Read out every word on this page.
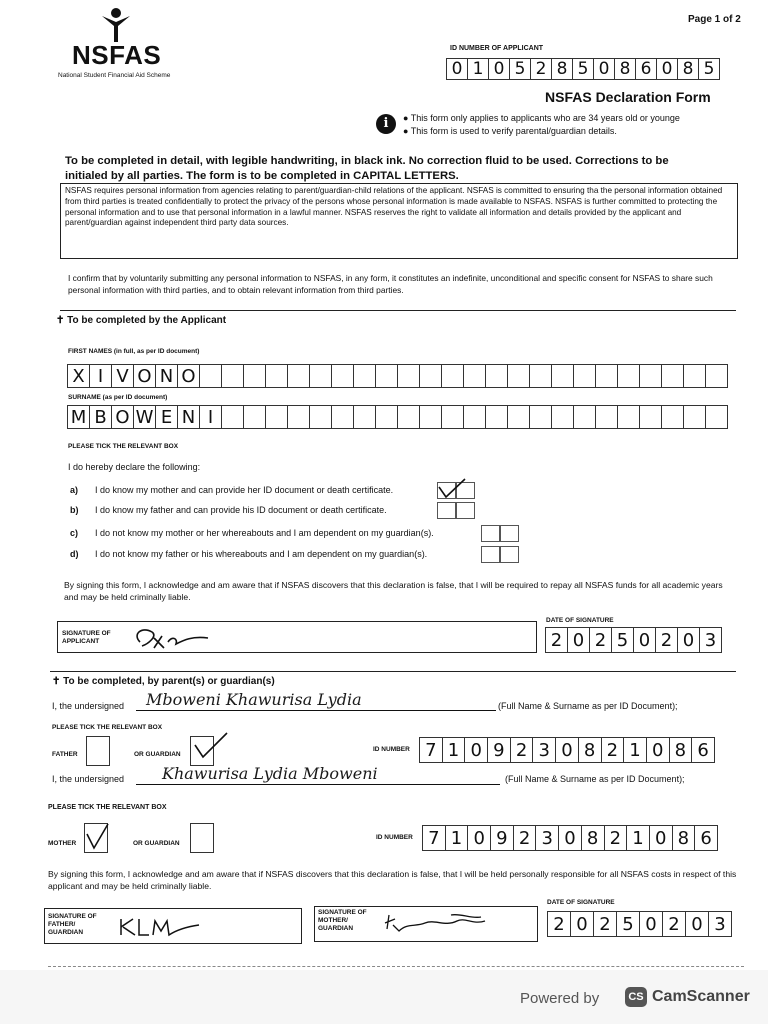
Page 1 of 2
NSFAS
National Student Financial Aid Scheme
ID NUMBER OF APPLICANT
0 1 0 5 2 8 5 0 8 6 0 8 5
NSFAS Declaration Form
i	● This form only applies to applicants who are 34 years old or younge
● This form is used to verify parental/guardian details.
To be completed in detail, with legible handwriting, in black ink. No correction fluid to be used. Corrections to be
initialed by all parties. The form is to be completed in CAPITAL LETTERS.
NSFAS requires personal information from agencies relating to parent/guardian-child relations of the applicant. NSFAS is committed to ensuring tha the personal information obtained from third parties is treated confidentially to protect the privacy of the persons whose personal information is made available to NSFAS. NSFAS is further committed to protecting the personal information and to use that personal information in a lawful manner. NSFAS reserves the right to validate all information and details provided by the applicant and parent/guardian against independent third party data sources.
I confirm that by voluntarily submitting any personal information to NSFAS, in any form, it constitutes an indefinite, unconditional and specific consent for NSFAS to share such personal information with third parties, and to obtain relevant information from third parties.
✝ To be completed by the Applicant
FIRST NAMES (in full, as per ID document)
X I V O N O
SURNAME (as per ID document)
M B O W E N I
PLEASE TICK THE RELEVANT BOX
I do hereby declare the following:
a) I do know my mother and can provide her ID document or death certificate.
b) I do know my father and can provide his ID document or death certificate.
c) I do not know my mother or her whereabouts and I am dependent on my guardian(s).
d) I do not know my father or his whereabouts and I am dependent on my guardian(s).
By signing this form, I acknowledge and am aware that if NSFAS discovers that this declaration is false, that I will be required to repay all NSFAS funds for all academic years and may be held criminally liable.
DATE OF SIGNATURE
SIGNATURE OF APPLICANT	2 0 2 5 0 2 0 3
✝ To be completed, by parent(s) or guardian(s)
I, the undersigned	Mboweni Khawurisa Lydia	(Full Name & Surname as per ID Document);
PLEASE TICK THE RELEVANT BOX
FATHER	OR GUARDIAN
ID NUMBER 7 1 0 9 2 3 0 8 2 1 0 8 6
I, the undersigned	Khawurisa Lydia Mboweni	(Full Name & Surname as per ID Document);
PLEASE TICK THE RELEVANT BOX
MOTHER	OR GUARDIAN
ID NUMBER 7 1 0 9 2 3 0 8 2 1 0 8 6
By signing this form, I acknowledge and am aware that if NSFAS discovers that this declaration is false, that I will be held personally responsible for all NSFAS costs in respect of this applicant and may be held criminally liable.
SIGNATURE OF FATHER/ GUARDIAN
SIGNATURE OF MOTHER/ GUARDIAN
DATE OF SIGNATURE
2 0 2 5 0 2 0 3
Powered by	CS CamScanner
